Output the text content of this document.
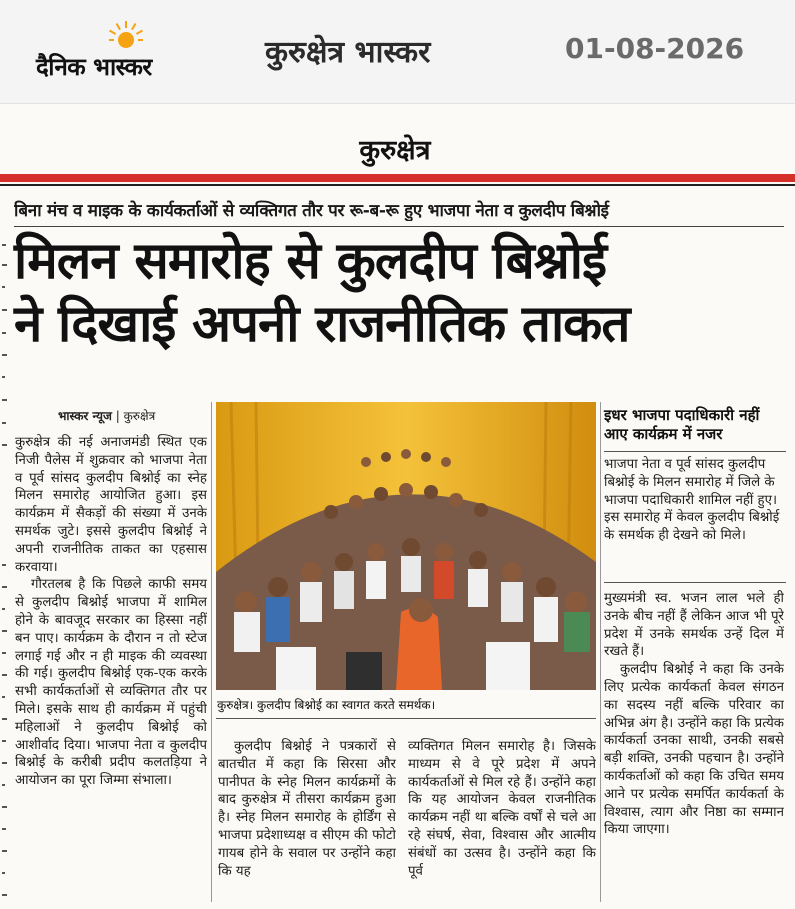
दैनिक भास्कर	कुरुक्षेत्र भास्कर	01-08-2026
कुरुक्षेत्र
बिना मंच व माइक के कार्यकर्ताओं से व्यक्तिगत तौर पर रू-ब-रू हुए भाजपा नेता व कुलदीप बिश्नोई
मिलन समारोह से कुलदीप बिश्नोई
ने दिखाई अपनी राजनीतिक ताकत
भास्कर न्यूज | कुरुक्षेत्र

कुरुक्षेत्र की नई अनाजमंडी स्थित एक निजी पैलेस में शुक्रवार को भाजपा नेता व पूर्व सांसद कुलदीप बिश्नोई का स्नेह मिलन समारोह आयोजित हुआ। इस कार्यक्रम में सैकड़ों की संख्या में उनके समर्थक जुटे। इससे कुलदीप बिश्नोई ने अपनी राजनीतिक ताकत का एहसास करवाया।

गौरतलब है कि पिछले काफी समय से कुलदीप बिश्नोई भाजपा में शामिल होने के बावजूद सरकार का हिस्सा नहीं बन पाए। कार्यक्रम के दौरान न तो स्टेज लगाई गई और न ही माइक की व्यवस्था की गई। कुलदीप बिश्नोई एक-एक करके सभी कार्यकर्ताओं से व्यक्तिगत तौर पर मिले। इसके साथ ही कार्यक्रम में पहुंची महिलाओं ने कुलदीप बिश्नोई को आशीर्वाद दिया। भाजपा नेता व कुलदीप बिश्नोई के करीबी प्रदीप कलतड़िया ने आयोजन का पूरा जिम्मा संभाला।

कुरुक्षेत्र। कुलदीप बिश्नोई का स्वागत करते समर्थक।

कुलदीप बिश्नोई ने पत्रकारों से बातचीत में कहा कि सिरसा और पानीपत के स्नेह मिलन कार्यक्रमों के बाद कुरुक्षेत्र में तीसरा कार्यक्रम हुआ है। स्नेह मिलन समारोह के होर्डिंग से भाजपा प्रदेशाध्यक्ष व सीएम की फोटो गायब होने के सवाल पर उन्होंने कहा कि यह

व्यक्तिगत मिलन समारोह है। जिसके माध्यम से वे पूरे प्रदेश में अपने कार्यकर्ताओं से मिल रहे हैं। उन्होंने कहा कि यह आयोजन केवल राजनीतिक कार्यक्रम नहीं था बल्कि वर्षों से चले आ रहे संघर्ष, सेवा, विश्वास और आत्मीय संबंधों का उत्सव है। उन्होंने कहा कि पूर्व

इधर भाजपा पदाधिकारी नहीं आए कार्यक्रम में नजर
भाजपा नेता व पूर्व सांसद कुलदीप बिश्नोई के मिलन समारोह में जिले के भाजपा पदाधिकारी शामिल नहीं हुए। इस समारोह में केवल कुलदीप बिश्नोई के समर्थक ही देखने को मिले।

मुख्यमंत्री स्व. भजन लाल भले ही उनके बीच नहीं हैं लेकिन आज भी पूरे प्रदेश में उनके समर्थक उन्हें दिल में रखते हैं।

कुलदीप बिश्नोई ने कहा कि उनके लिए प्रत्येक कार्यकर्ता केवल संगठन का सदस्य नहीं बल्कि परिवार का अभिन्न अंग है। उन्होंने कहा कि प्रत्येक कार्यकर्ता उनका साथी, उनकी सबसे बड़ी शक्ति, उनकी पहचान है। उन्होंने कार्यकर्ताओं को कहा कि उचित समय आने पर प्रत्येक समर्पित कार्यकर्ता के विश्वास, त्याग और निष्ठा का सम्मान किया जाएगा।
